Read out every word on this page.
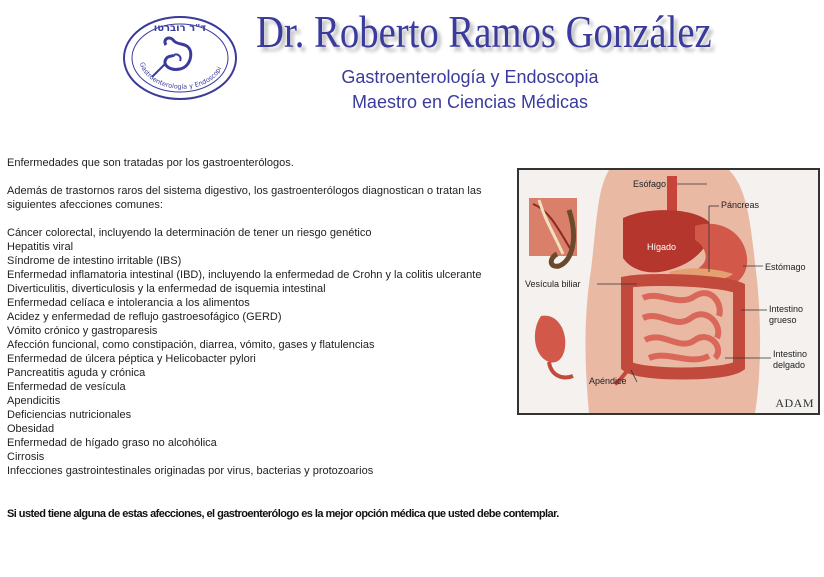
ד"ר רוברטו
Gastroenterología y Endoscopi
Dr. Roberto Ramos González
Gastroenterología y Endoscopia
Maestro en Ciencias Médicas
Enfermedades que son tratadas por los gastroenterólogos.
Además de trastornos raros del sistema digestivo, los gastroenterólogos diagnostican o tratan las siguientes afecciones comunes:
Cáncer colorectal, incluyendo la determinación de tener un riesgo genético
Hepatitis viral
Síndrome de intestino irritable (IBS)
Enfermedad inflamatoria intestinal (IBD), incluyendo la enfermedad de Crohn y la colitis ulcerante
Diverticulitis, diverticulosis y la enfermedad de isquemia intestinal
Enfermedad celíaca e intolerancia a los alimentos
Acidez y enfermedad de reflujo gastroesofágico (GERD)
Vómito crónico y gastroparesis
Afección funcional, como constipación, diarrea, vómito, gases y flatulencias
Enfermedad de úlcera péptica y Helicobacter pylori
Pancreatitis aguda y crónica
Enfermedad de vesícula
Apendicitis
Deficiencias nutricionales
Obesidad
Enfermedad de hígado graso no alcohólica
Cirrosis
Infecciones gastrointestinales originadas por virus, bacterias y protozoarios
Si usted tiene alguna de estas afecciones, el gastroenterólogo es la mejor opción médica que usted debe contemplar.
Esófago
Páncreas
Hígado
Estómago
Vesícula biliar
Intestino
grueso
Intestino
delgado
Apéndice
ADAM
